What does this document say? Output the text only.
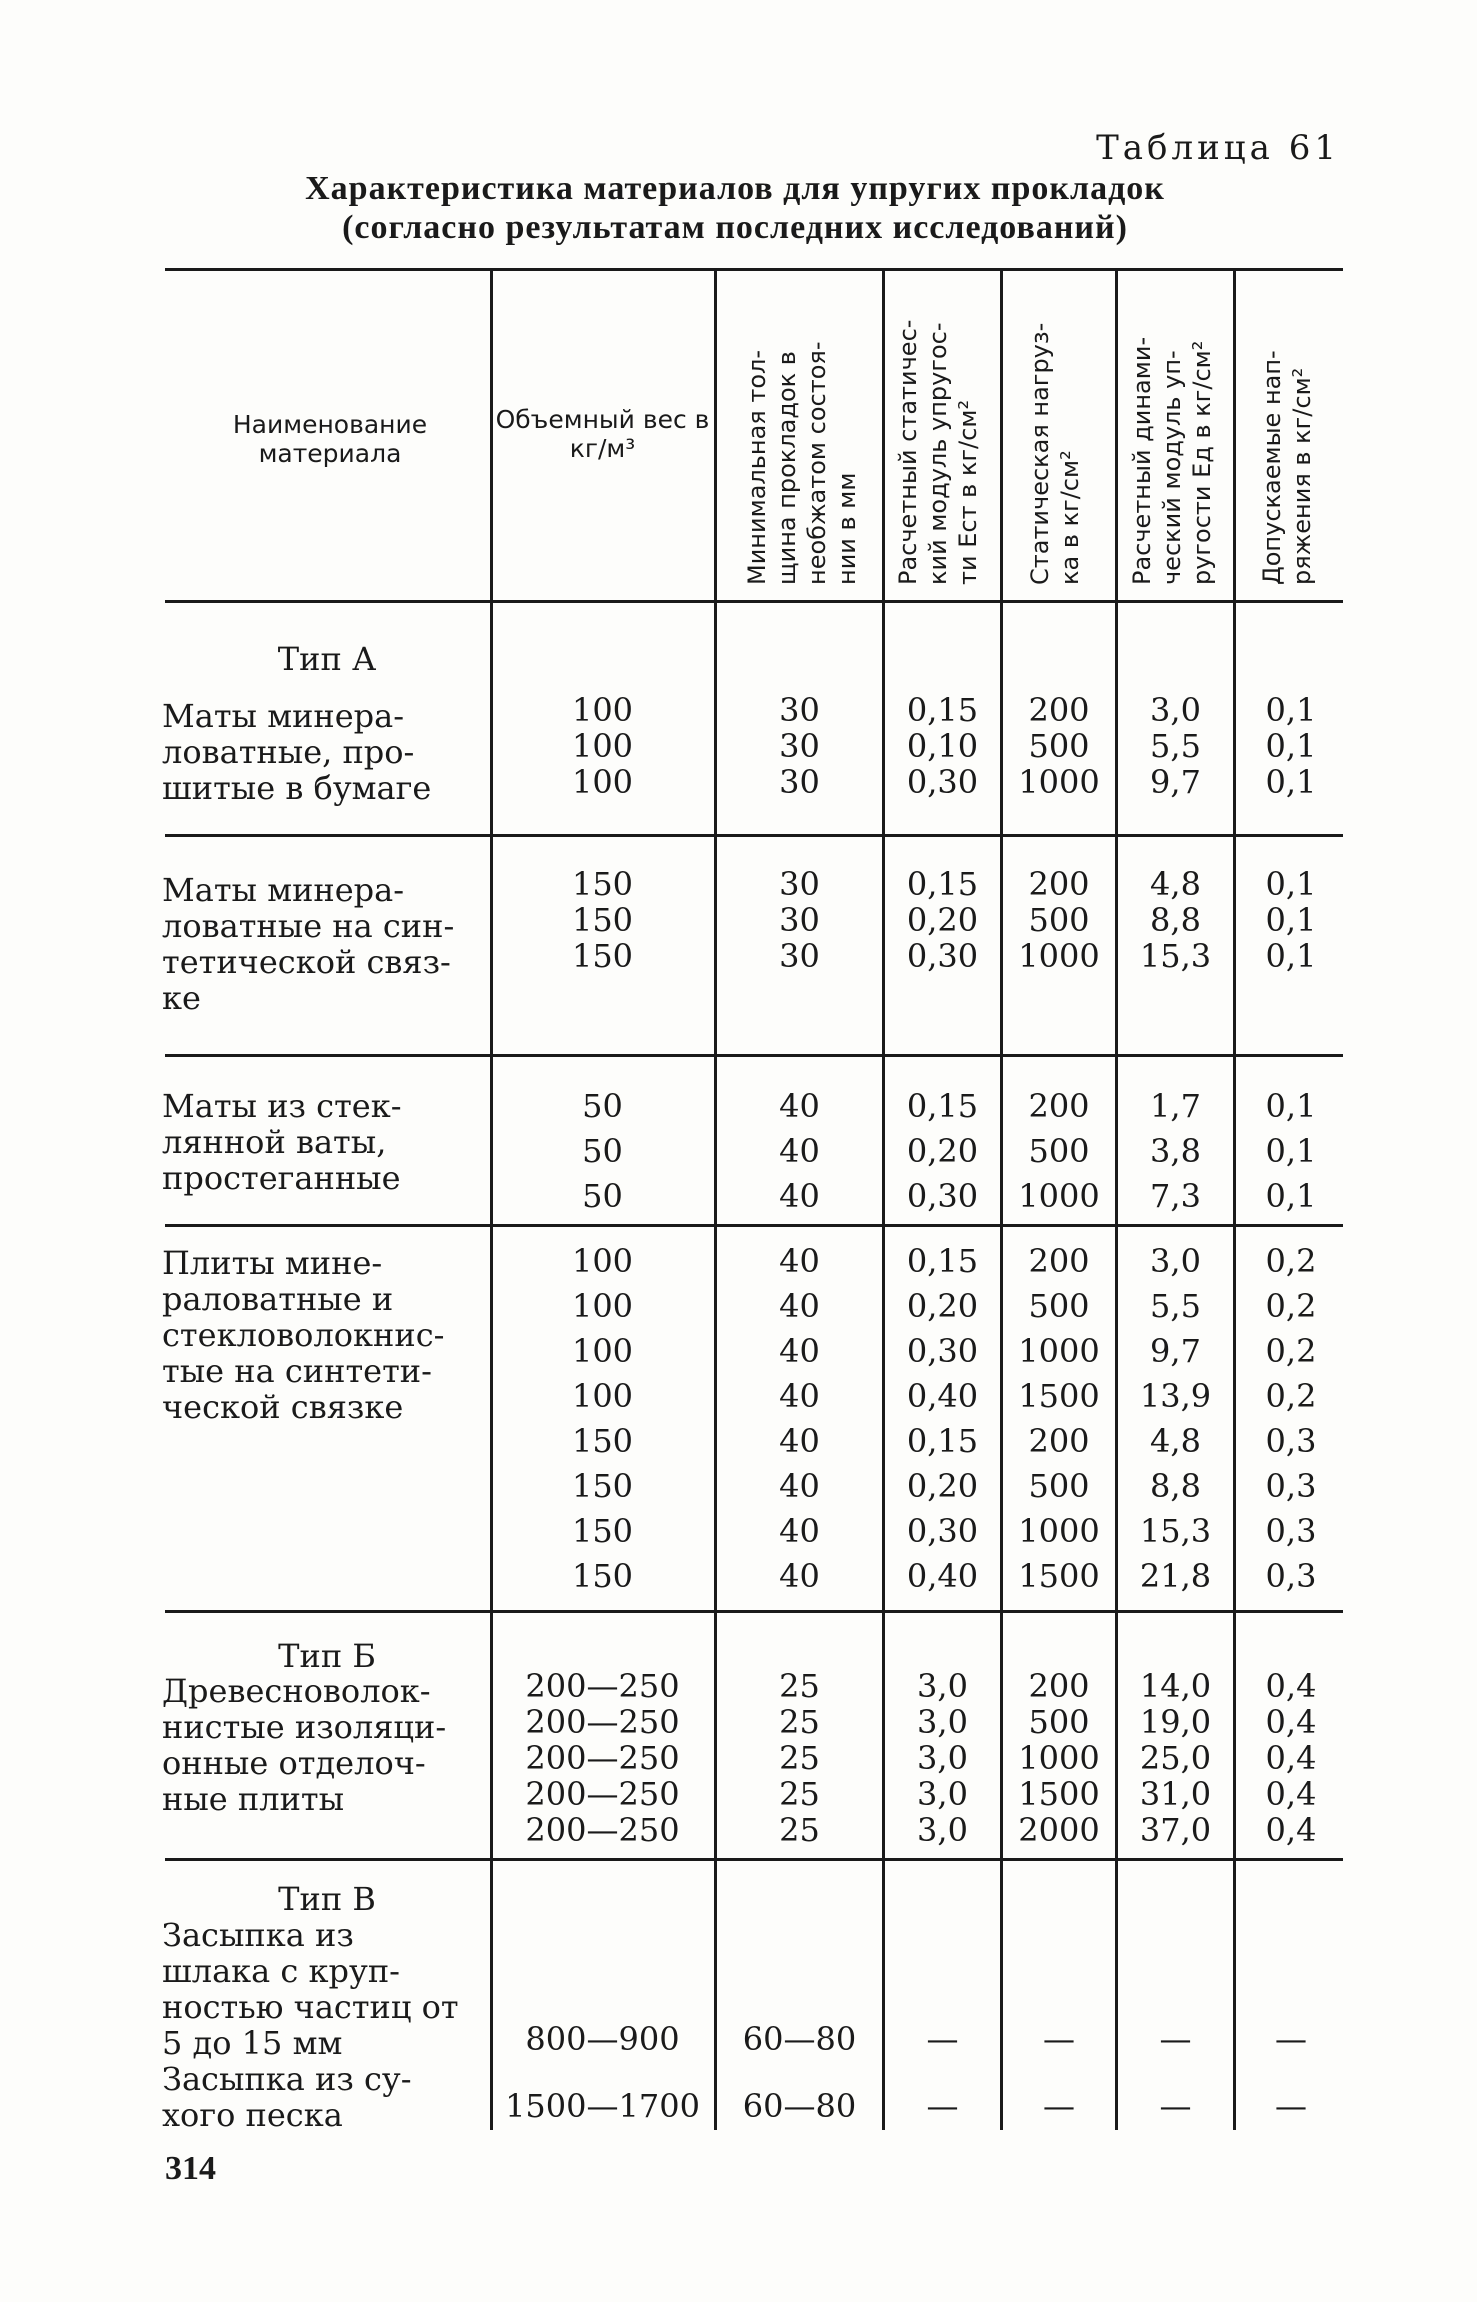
Таблица 61
Характеристика материалов для упругих прокладок
(согласно результатам последних исследований)
Наименование материала
Объемный вес в кг/м³	Минимальная тол- щина прокладок в необжатом состоя- нии в мм Расчетный статичес- кий модуль упругос- ти Ест в кг/см² Статическая нагруз- ка в кг/см² Расчетный динами- ческий модуль уп- ругости Ед в кг/см² Допускаемые нап- ряжения в кг/см²
Тип А
Маты минера-
ловатные, про-
шитые в бумаге
100
100
100
30
30
30
0,15
0,10
0,30
200
500
1000
3,0
5,5
9,7
0,1
0,1
0,1
Маты минера-
ловатные на син-
тетической связ-
ке
150
150
150
30
30
30
0,15
0,20
0,30
200
500
1000
4,8
8,8
15,3
0,1
0,1
0,1
Маты из стек-
лянной ваты,
простеганные
50
50
50
40
40
40
0,15
0,20
0,30
200
500
1000
1,7
3,8
7,3
0,1
0,1
0,1
Плиты мине-
раловатные и
стекловолокнис-
тые на синтети-
ческой связке
100
100
100
100
150
150
150
150
40
40
40
40
40
40
40
40
0,15
0,20
0,30
0,40
0,15
0,20
0,30
0,40
200
500
1000
1500
200
500
1000
1500
3,0
5,5
9,7
13,9
4,8
8,8
15,3
21,8
0,2
0,2
0,2
0,2
0,3
0,3
0,3
0,3
Тип Б
Древесноволок-
нистые изоляци-
онные отделоч-
ные плиты
200—250
200—250
200—250
200—250
200—250
25
25
25
25
25
3,0
3,0
3,0
3,0
3,0
200
500
1000
1500
2000
14,0
19,0
25,0
31,0
37,0
0,4
0,4
0,4
0,4
0,4
Тип В
Засыпка из
шлака с круп-
ностью частиц от
5 до 15 мм
Засыпка из су-
хого песка
800—900
1500—1700
60—80
60—80
—
—
—
—
—
—
—
—
314
